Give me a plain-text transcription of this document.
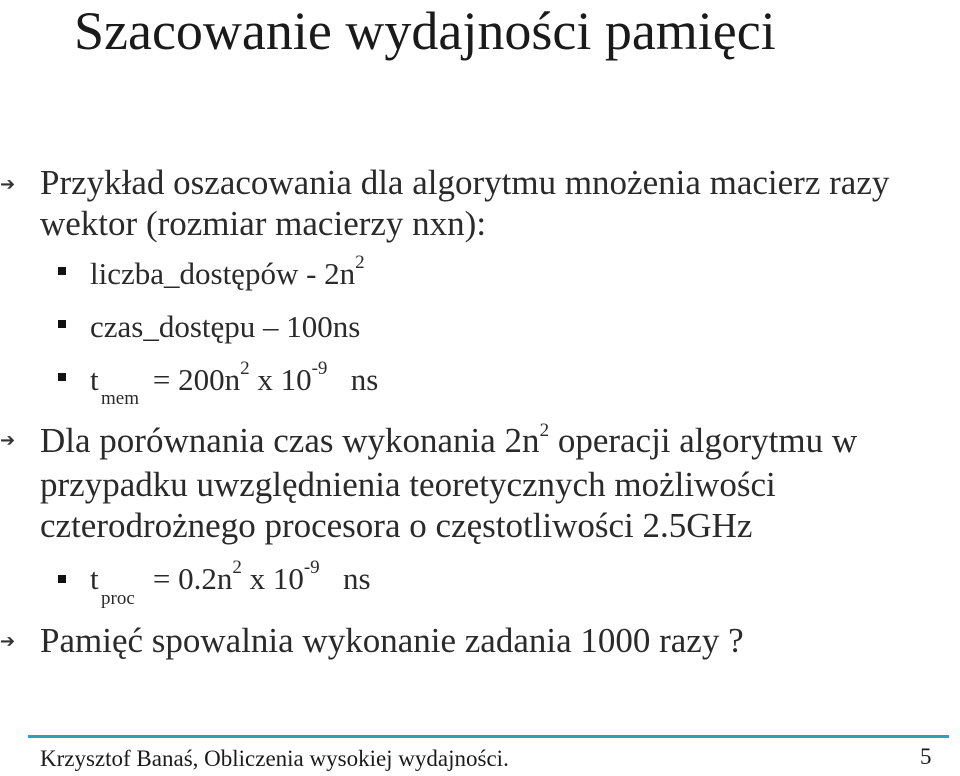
Szacowanie wydajności pamięci
➔ Przykład oszacowania dla algorytmu mnożenia macierz razy
wektor (rozmiar macierzy nxn):
liczba_dostępów - $2n^2$
czas_dostępu – 100ns
$t = 200n^2$ x $10^{-9}$ ns
mem
➔ Dla porównania czas wykonania $2n^2$ operacji algorytmu w
przypadku uwzględnienia teoretycznych możliwości
czterodrożnego procesora o częstotliwości 2.5GHz
$t = 0.2n^2$ x $10^{-9}$ ns
proc
➔ Pamięć spowalnia wykonanie zadania 1000 razy ?
Krzysztof Banaś, Obliczenia wysokiej wydajności.	5
